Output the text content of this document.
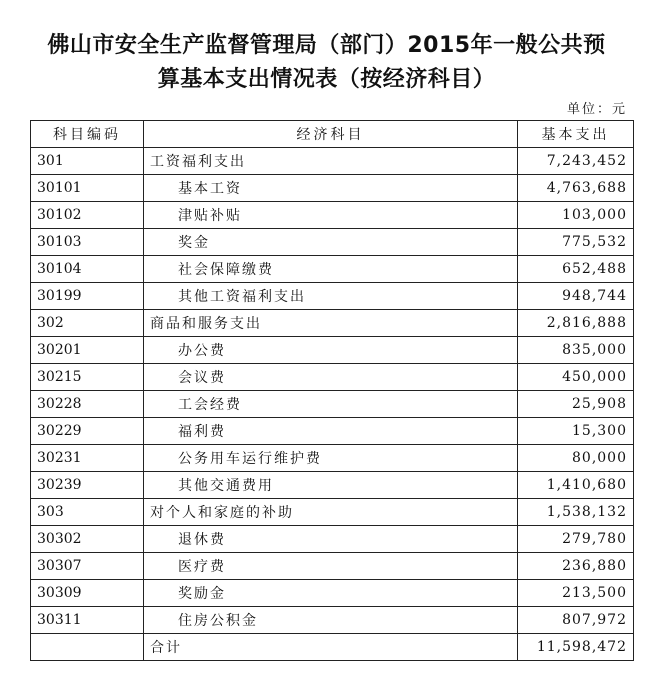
佛山市安全生产监督管理局（部门）2015年一般公共预
算基本支出情况表（按经济科目）
单位：元
科目编码	经济科目	基本支出
301	工资福利支出	7,243,452
30101	基本工资	4,763,688
30102	津贴补贴	103,000
30103	奖金	775,532
30104	社会保障缴费	652,488
30199	其他工资福利支出	948,744
302	商品和服务支出	2,816,888
30201	办公费	835,000
30215	会议费	450,000
30228	工会经费	25,908
30229	福利费	15,300
30231	公务用车运行维护费	80,000
30239	其他交通费用	1,410,680
303	对个人和家庭的补助	1,538,132
30302	退休费	279,780
30307	医疗费	236,880
30309	奖励金	213,500
30311	住房公积金	807,972
	合计	11,598,472
